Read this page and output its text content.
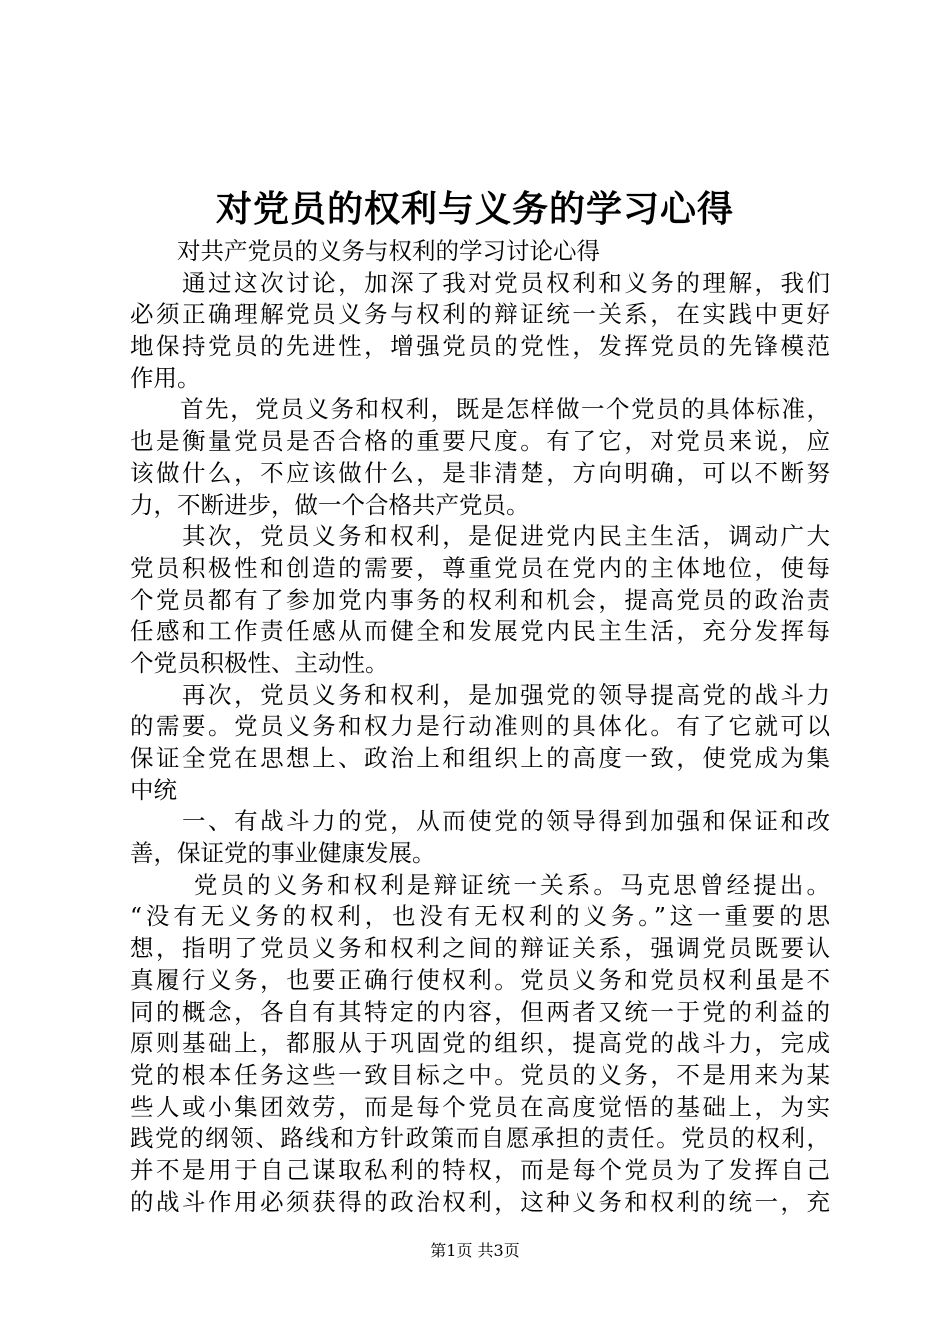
对党员的权利与义务的学习心得
　　对共产党员的义务与权利的学习讨论心得
　　通过这次讨论，加深了我对党员权利和义务的理解，我们
必须正确理解党员义务与权利的辩证统一关系，在实践中更好
地保持党员的先进性，增强党员的党性，发挥党员的先锋模范
作用。
　　首先，党员义务和权利，既是怎样做一个党员的具体标准，
也是衡量党员是否合格的重要尺度。有了它，对党员来说，应
该做什么，不应该做什么，是非清楚，方向明确，可以不断努
力，不断进步，做一个合格共产党员。
　　其次，党员义务和权利，是促进党内民主生活，调动广大
党员积极性和创造的需要，尊重党员在党内的主体地位，使每
个党员都有了参加党内事务的权利和机会，提高党员的政治责
任感和工作责任感从而健全和发展党内民主生活，充分发挥每
个党员积极性、主动性。
　　再次，党员义务和权利，是加强党的领导提高党的战斗力
的需要。党员义务和权力是行动准则的具体化。有了它就可以
保证全党在思想上、政治上和组织上的高度一致，使党成为集
中统
　　一、有战斗力的党，从而使党的领导得到加强和保证和改
善，保证党的事业健康发展。
　　 党员的义务和权利是辩证统一关系。马克思曾经提出。
“没有无义务的权利，也没有无权利的义务。”这一重要的思
想，指明了党员义务和权利之间的辩证关系，强调党员既要认
真履行义务，也要正确行使权利。党员义务和党员权利虽是不
同的概念，各自有其特定的内容，但两者又统一于党的利益的
原则基础上，都服从于巩固党的组织，提高党的战斗力，完成
党的根本任务这些一致目标之中。党员的义务，不是用来为某
些人或小集团效劳，而是每个党员在高度觉悟的基础上，为实
践党的纲领、路线和方针政策而自愿承担的责任。党员的权利，
并不是用于自己谋取私利的特权，而是每个党员为了发挥自己
的战斗作用必须获得的政治权利，这种义务和权利的统一，充
第1页 共3页
